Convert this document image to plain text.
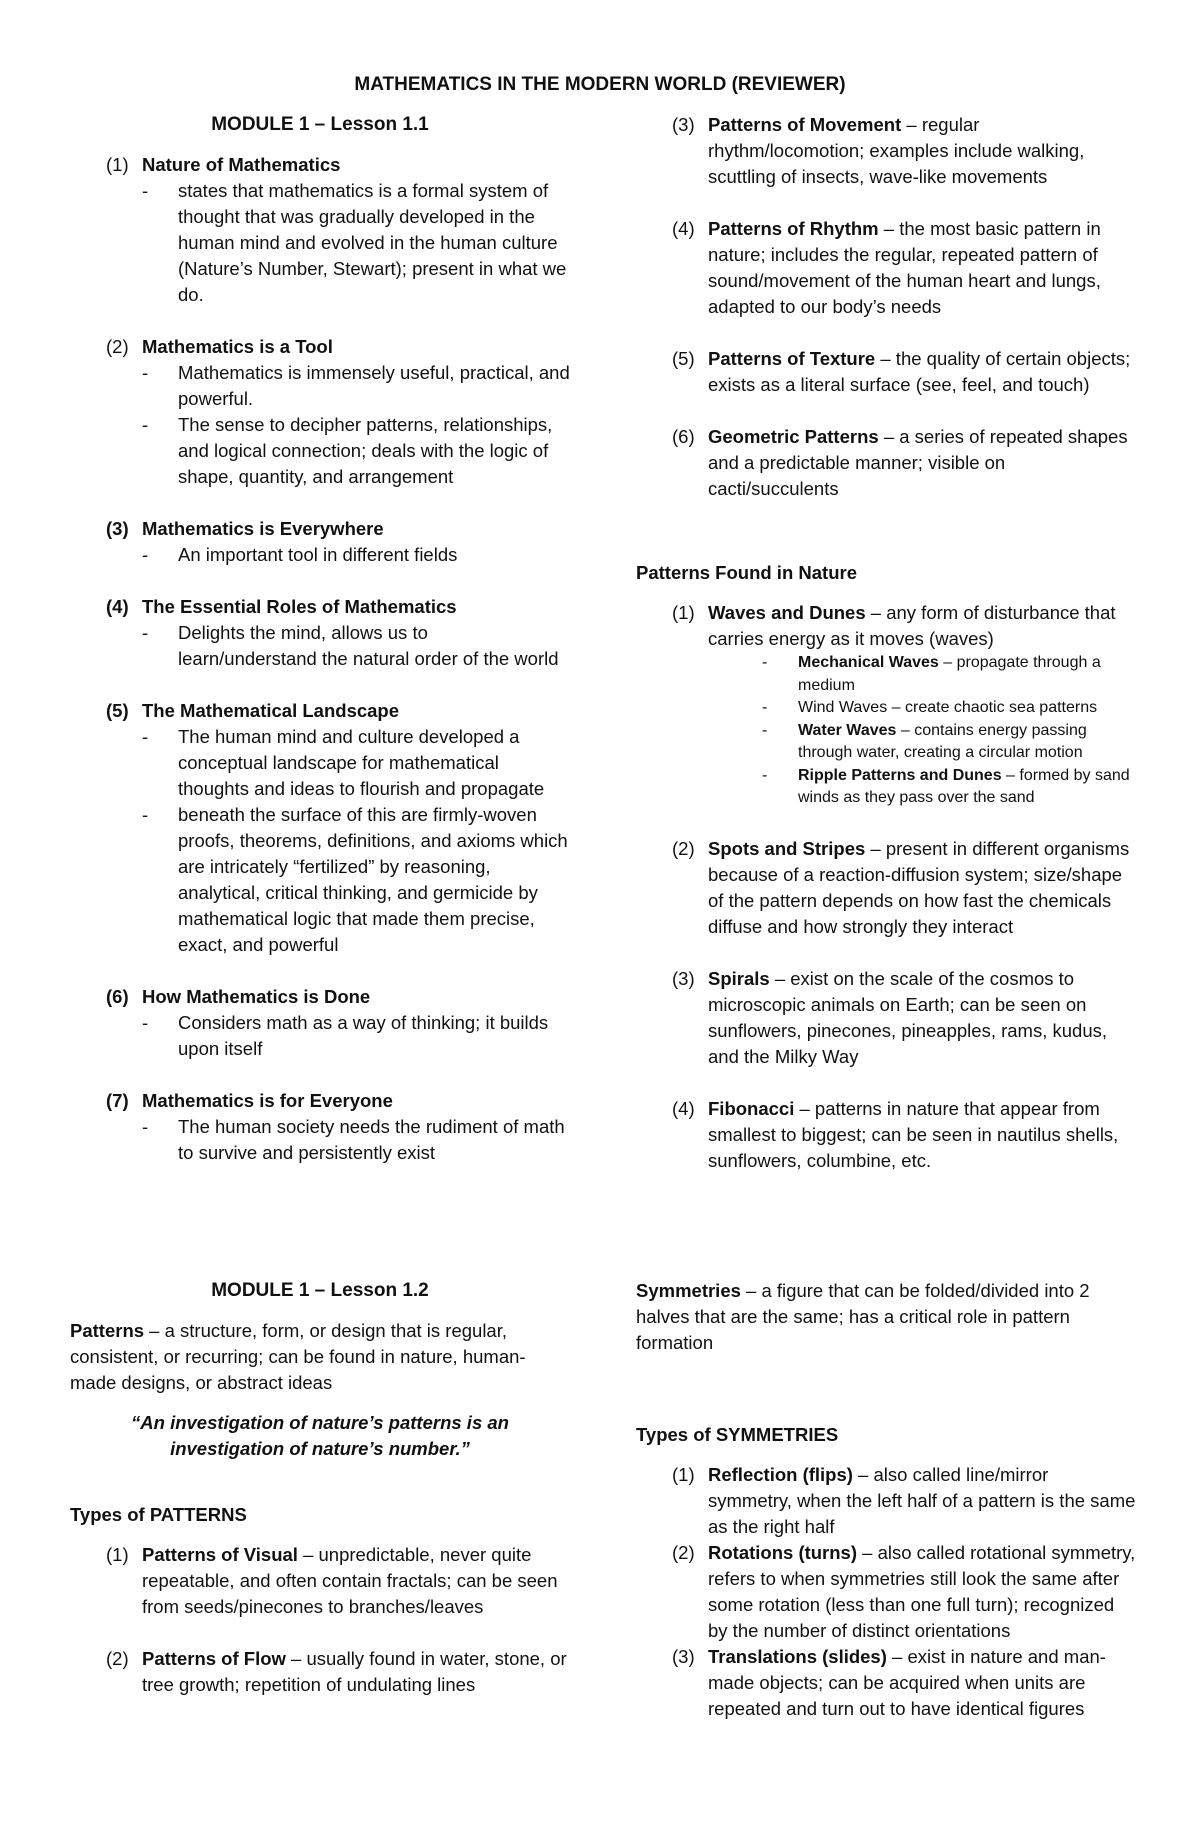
MATHEMATICS IN THE MODERN WORLD (REVIEWER)
MODULE 1 – Lesson 1.1
(1) Nature of Mathematics
-	states that mathematics is a formal system of thought that was gradually developed in the human mind and evolved in the human culture (Nature’s Number, Stewart); present in what we do.
(2) Mathematics is a Tool
-	Mathematics is immensely useful, practical, and powerful.
-	The sense to decipher patterns, relationships, and logical connection; deals with the logic of shape, quantity, and arrangement
(3) Mathematics is Everywhere
-	An important tool in different fields
(4) The Essential Roles of Mathematics
-	Delights the mind, allows us to learn/understand the natural order of the world
(5) The Mathematical Landscape
-	The human mind and culture developed a conceptual landscape for mathematical thoughts and ideas to flourish and propagate
-	beneath the surface of this are firmly-woven proofs, theorems, definitions, and axioms which are intricately “fertilized” by reasoning, analytical, critical thinking, and germicide by mathematical logic that made them precise, exact, and powerful
(6) How Mathematics is Done
-	Considers math as a way of thinking; it builds upon itself
(7) Mathematics is for Everyone
-	The human society needs the rudiment of math to survive and persistently exist
MODULE 1 – Lesson 1.2

Patterns – a structure, form, or design that is regular, consistent, or recurring; can be found in nature, human-made designs, or abstract ideas

“An investigation of nature’s patterns is an investigation of nature’s number.”
Types of PATTERNS
(1) Patterns of Visual – unpredictable, never quite repeatable, and often contain fractals; can be seen from seeds/pinecones to branches/leaves
(2) Patterns of Flow – usually found in water, stone, or tree growth; repetition of undulating lines
(3) Patterns of Movement – regular rhythm/locomotion; examples include walking, scuttling of insects, wave-like movements
(4) Patterns of Rhythm – the most basic pattern in nature; includes the regular, repeated pattern of sound/movement of the human heart and lungs, adapted to our body’s needs
(5) Patterns of Texture – the quality of certain objects; exists as a literal surface (see, feel, and touch)
(6) Geometric Patterns – a series of repeated shapes and a predictable manner; visible on cacti/succulents
Patterns Found in Nature
(1) Waves and Dunes – any form of disturbance that carries energy as it moves (waves)
-	Mechanical Waves – propagate through a medium
-	Wind Waves – create chaotic sea patterns
-	Water Waves – contains energy passing through water, creating a circular motion
-	Ripple Patterns and Dunes – formed by sand winds as they pass over the sand
(2) Spots and Stripes – present in different organisms because of a reaction-diffusion system; size/shape of the pattern depends on how fast the chemicals diffuse and how strongly they interact
(3) Spirals – exist on the scale of the cosmos to microscopic animals on Earth; can be seen on sunflowers, pinecones, pineapples, rams, kudus, and the Milky Way
(4) Fibonacci – patterns in nature that appear from smallest to biggest; can be seen in nautilus shells, sunflowers, columbine, etc.

Symmetries – a figure that can be folded/divided into 2 halves that are the same; has a critical role in pattern formation

Types of SYMMETRIES
(1) Reflection (flips) – also called line/mirror symmetry, when the left half of a pattern is the same as the right half
(2) Rotations (turns) – also called rotational symmetry, refers to when symmetries still look the same after some rotation (less than one full turn); recognized by the number of distinct orientations
(3) Translations (slides) – exist in nature and man-made objects; can be acquired when units are repeated and turn out to have identical figures
